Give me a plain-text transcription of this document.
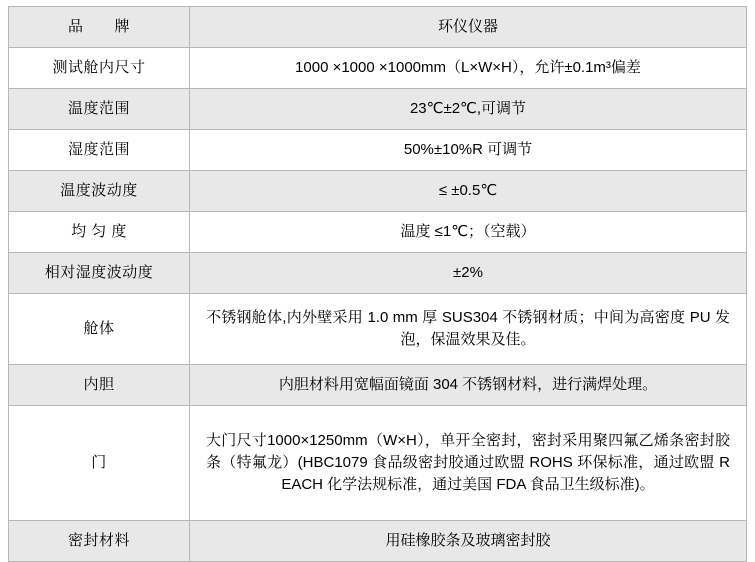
品　　牌	环仪仪器

测试舱内尺寸	1000 ×1000 ×1000mm（L×W×H），允许±0.1m³偏差

温度范围	23℃±2℃,可调节

湿度范围	50%±10%R 可调节

温度波动度	≤ ±0.5℃

均 匀 度	温度 ≤1℃；（空载）

相对湿度波动度	±2%

舱体	不锈钢舱体,内外壁采用 1.0 mm 厚 SUS304 不锈钢材质；中间为高密度 PU 发泡，保温效果及佳。

内胆	内胆材料用宽幅面镜面 304 不锈钢材料，进行满焊处理。

门	大门尺寸1000×1250mm（W×H），单开全密封，密封采用聚四氟乙烯条密封胶条（特氟龙）(HBC1079 食品级密封胶通过欧盟 ROHS 环保标准，通过欧盟 REACH 化学法规标准，通过美国 FDA 食品卫生级标准)。

密封材料	用硅橡胶条及玻璃密封胶
